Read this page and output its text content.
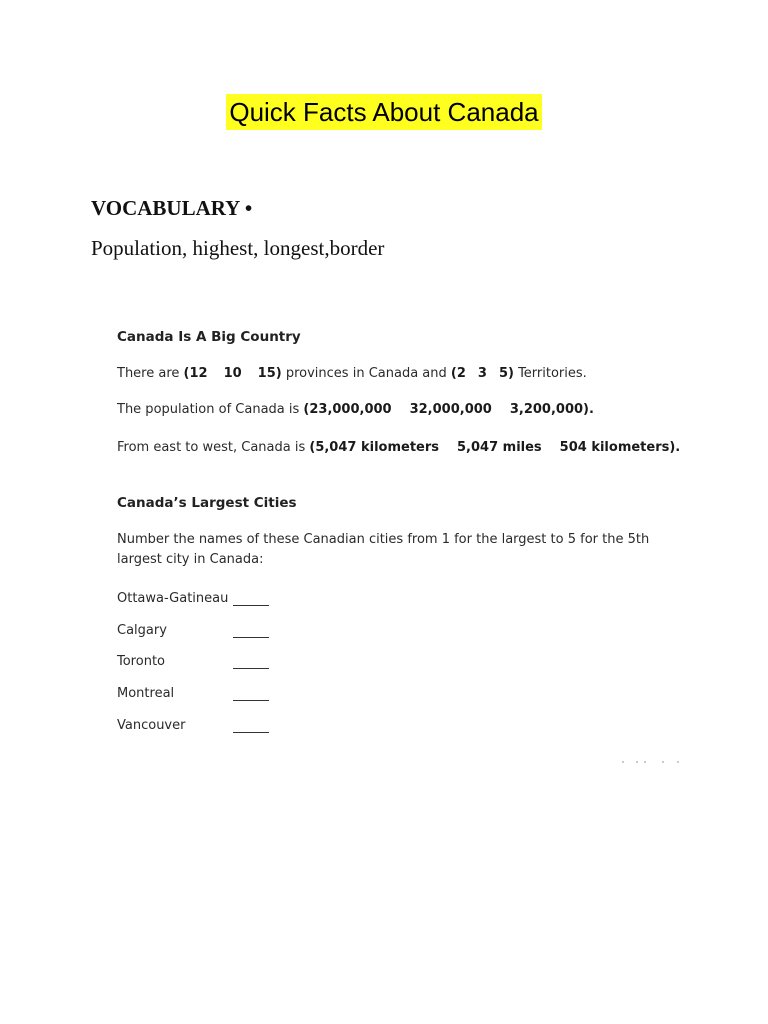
Quick Facts About Canada
VOCABULARY •
Population, highest, longest,border
Canada Is A Big Country
There are (12 10 15) provinces in Canada and (2 3 5) Territories.
The population of Canada is (23,000,000 32,000,000 3,200,000).
From east to west, Canada is (5,047 kilometers 5,047 miles 504 kilometers).
Canada’s Largest Cities
Number the names of these Canadian cities from 1 for the largest to 5 for the 5th largest city in Canada:
Ottawa-Gatineau
Calgary
Toronto
Montreal
Vancouver
